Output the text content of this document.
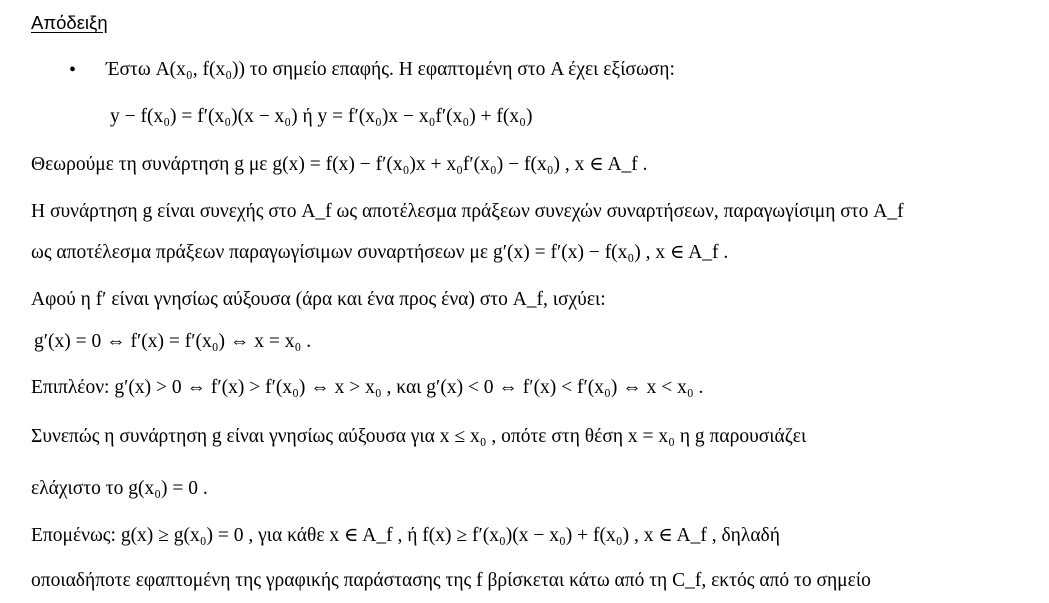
Απόδειξη
• Έστω A(x₀, f(x₀)) το σημείο επαφής. Η εφαπτομένη στο A έχει εξίσωση:
y − f(x₀) = f′(x₀)(x − x₀) ή y = f′(x₀)x − x₀f′(x₀) + f(x₀)
Θεωρούμε τη συνάρτηση g με g(x) = f(x) − f′(x₀)x + x₀f′(x₀) − f(x₀) , x ∈ A_f .
Η συνάρτηση g είναι συνεχής στο A_f ως αποτέλεσμα πράξεων συνεχών συναρτήσεων, παραγωγίσιμη στο A_f
ως αποτέλεσμα πράξεων παραγωγίσιμων συναρτήσεων με g′(x) = f′(x) − f(x₀) , x ∈ A_f .
Αφού η f′ είναι γνησίως αύξουσα (άρα και ένα προς ένα) στο A_f, ισχύει:
g′(x) = 0 ⇔ f′(x) = f′(x₀) ⇔ x = x₀ .
Επιπλέον: g′(x) > 0 ⇔ f′(x) > f′(x₀) ⇔ x > x₀ , και g′(x) < 0 ⇔ f′(x) < f′(x₀) ⇔ x < x₀ .
Συνεπώς η συνάρτηση g είναι γνησίως αύξουσα για x ≤ x₀ , οπότε στη θέση x = x₀ η g παρουσιάζει
ελάχιστο το g(x₀) = 0 .
Επομένως: g(x) ≥ g(x₀) = 0 , για κάθε x ∈ A_f , ή f(x) ≥ f′(x₀)(x − x₀) + f(x₀) , x ∈ A_f , δηλαδή
οποιαδήποτε εφαπτομένη της γραφικής παράστασης της f βρίσκεται κάτω από τη C_f, εκτός από το σημείο
